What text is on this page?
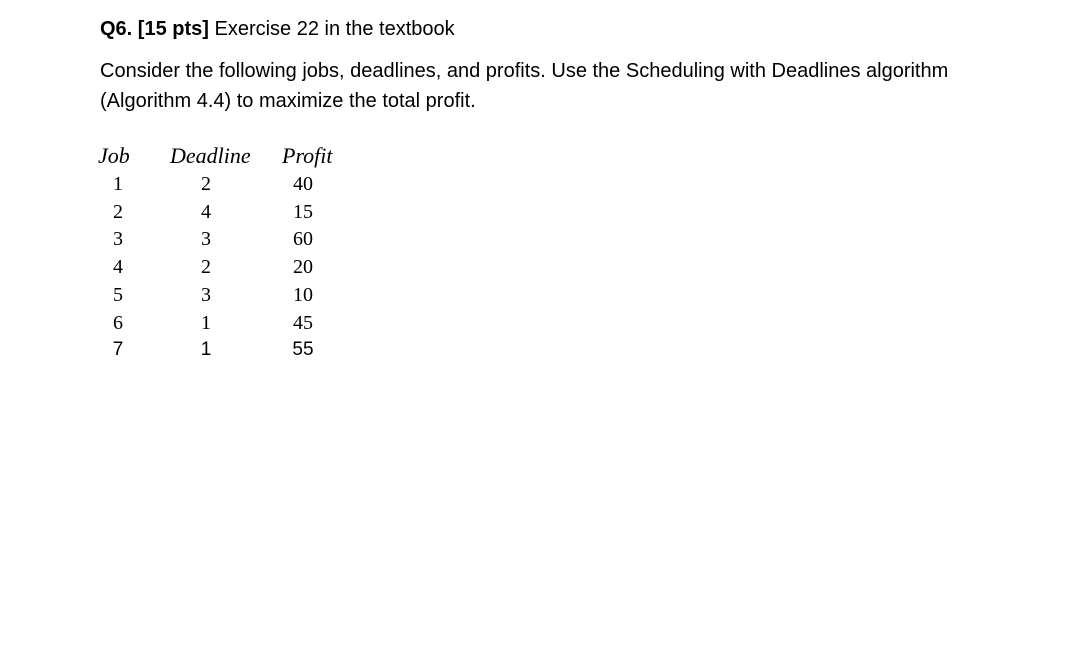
Q6. [15 pts] Exercise 22 in the textbook
Consider the following jobs, deadlines, and profits. Use the Scheduling with Deadlines algorithm
(Algorithm 4.4) to maximize the total profit.
Job Deadline Profit
1	2	40
2	4	15
3	3	60
4	2	20
5	3	10
6	1	45
7	1	55
